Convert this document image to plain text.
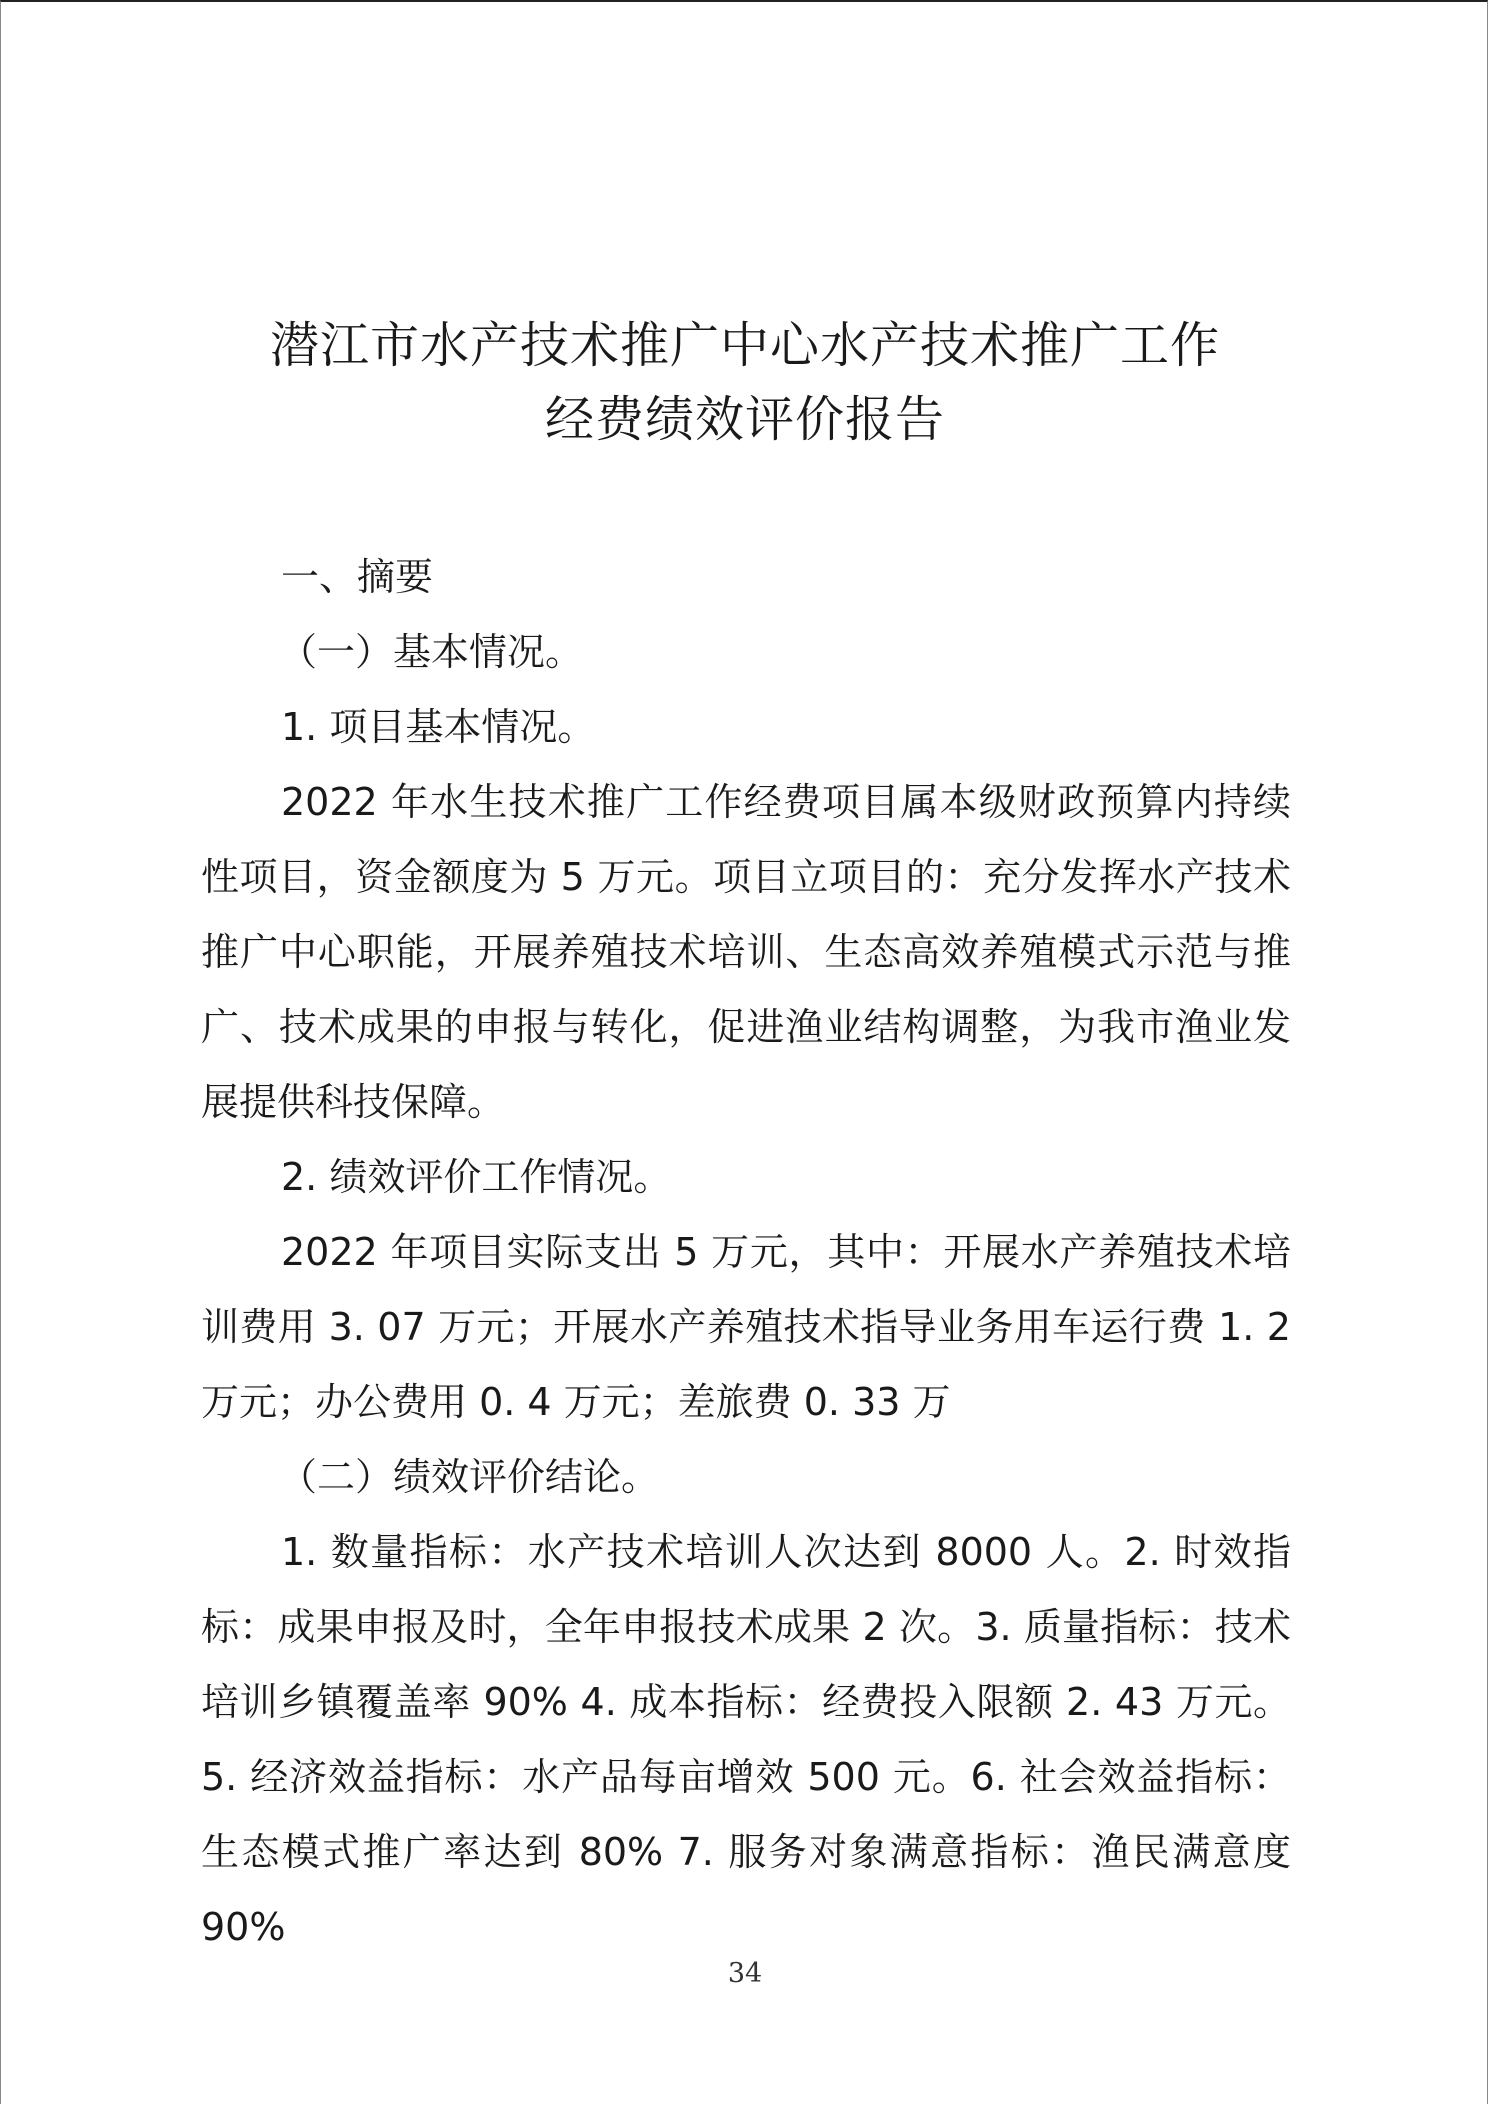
潜江市水产技术推广中心水产技术推广工作
经费绩效评价报告

一、摘要

（一）基本情况。

1. 项目基本情况。

2022 年水生技术推广工作经费项目属本级财政预算内持续性项目，资金额度为 5 万元。项目立项目的：充分发挥水产技术推广中心职能，开展养殖技术培训、生态高效养殖模式示范与推广、技术成果的申报与转化，促进渔业结构调整，为我市渔业发展提供科技保障。

2. 绩效评价工作情况。

2022 年项目实际支出 5 万元，其中：开展水产养殖技术培训费用 3. 07 万元；开展水产养殖技术指导业务用车运行费 1. 2 万元；办公费用 0. 4 万元；差旅费 0. 33 万

（二）绩效评价结论。

1. 数量指标：水产技术培训人次达到 8000 人。2. 时效指标：成果申报及时，全年申报技术成果 2 次。3. 质量指标：技术培训乡镇覆盖率 90% 4. 成本指标：经费投入限额 2. 43 万元。5. 经济效益指标：水产品每亩增效 500 元。6. 社会效益指标：生态模式推广率达到 80% 7. 服务对象满意指标：渔民满意度 90%

34
